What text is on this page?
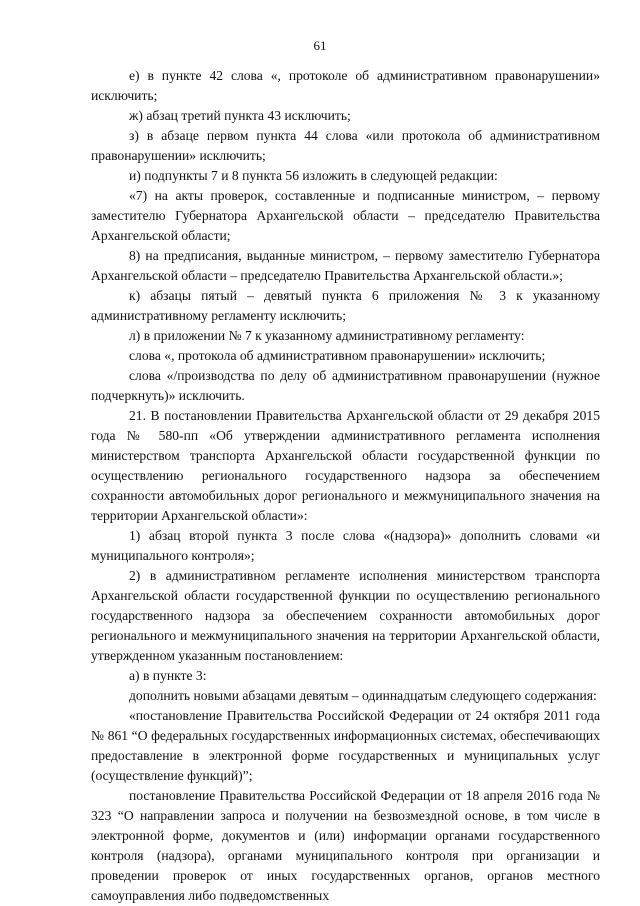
61

е) в пункте 42 слова «, протоколе об административном правонарушении» исключить;

ж) абзац третий пункта 43 исключить;

з) в абзаце первом пункта 44 слова «или протокола об административном правонарушении» исключить;

и) подпункты 7 и 8 пункта 56 изложить в следующей редакции:

«7) на акты проверок, составленные и подписанные министром, – первому заместителю Губернатора Архангельской области – председателю Правительства Архангельской области;

8) на предписания, выданные министром, – первому заместителю Губернатора Архангельской области – председателю Правительства Архангельской области.»;

к) абзацы пятый – девятый пункта 6 приложения № 3 к указанному административному регламенту исключить;

л) в приложении № 7 к указанному административному регламенту:

слова «, протокола об административном правонарушении» исключить;

слова «/производства по делу об административном правонарушении (нужное подчеркнуть)» исключить.

21. В постановлении Правительства Архангельской области от 29 декабря 2015 года № 580-пп «Об утверждении административного регламента исполнения министерством транспорта Архангельской области государственной функции по осуществлению регионального государственного надзора за обеспечением сохранности автомобильных дорог регионального и межмуниципального значения на территории Архангельской области»:

1) абзац второй пункта 3 после слова «(надзора)» дополнить словами «и муниципального контроля»;

2) в административном регламенте исполнения министерством транспорта Архангельской области государственной функции по осуществлению регионального государственного надзора за обеспечением сохранности автомобильных дорог регионального и межмуниципального значения на территории Архангельской области, утвержденном указанным постановлением:

а) в пункте 3:

дополнить новыми абзацами девятым – одиннадцатым следующего содержания:

«постановление Правительства Российской Федерации от 24 октября 2011 года № 861 “О федеральных государственных информационных системах, обеспечивающих предоставление в электронной форме государственных и муниципальных услуг (осуществление функций)”;

постановление Правительства Российской Федерации от 18 апреля 2016 года № 323 “О направлении запроса и получении на безвозмездной основе, в том числе в электронной форме, документов и (или) информации органами государственного контроля (надзора), органами муниципального контроля при организации и проведении проверок от иных государственных органов, органов местного самоуправления либо подведомственных
